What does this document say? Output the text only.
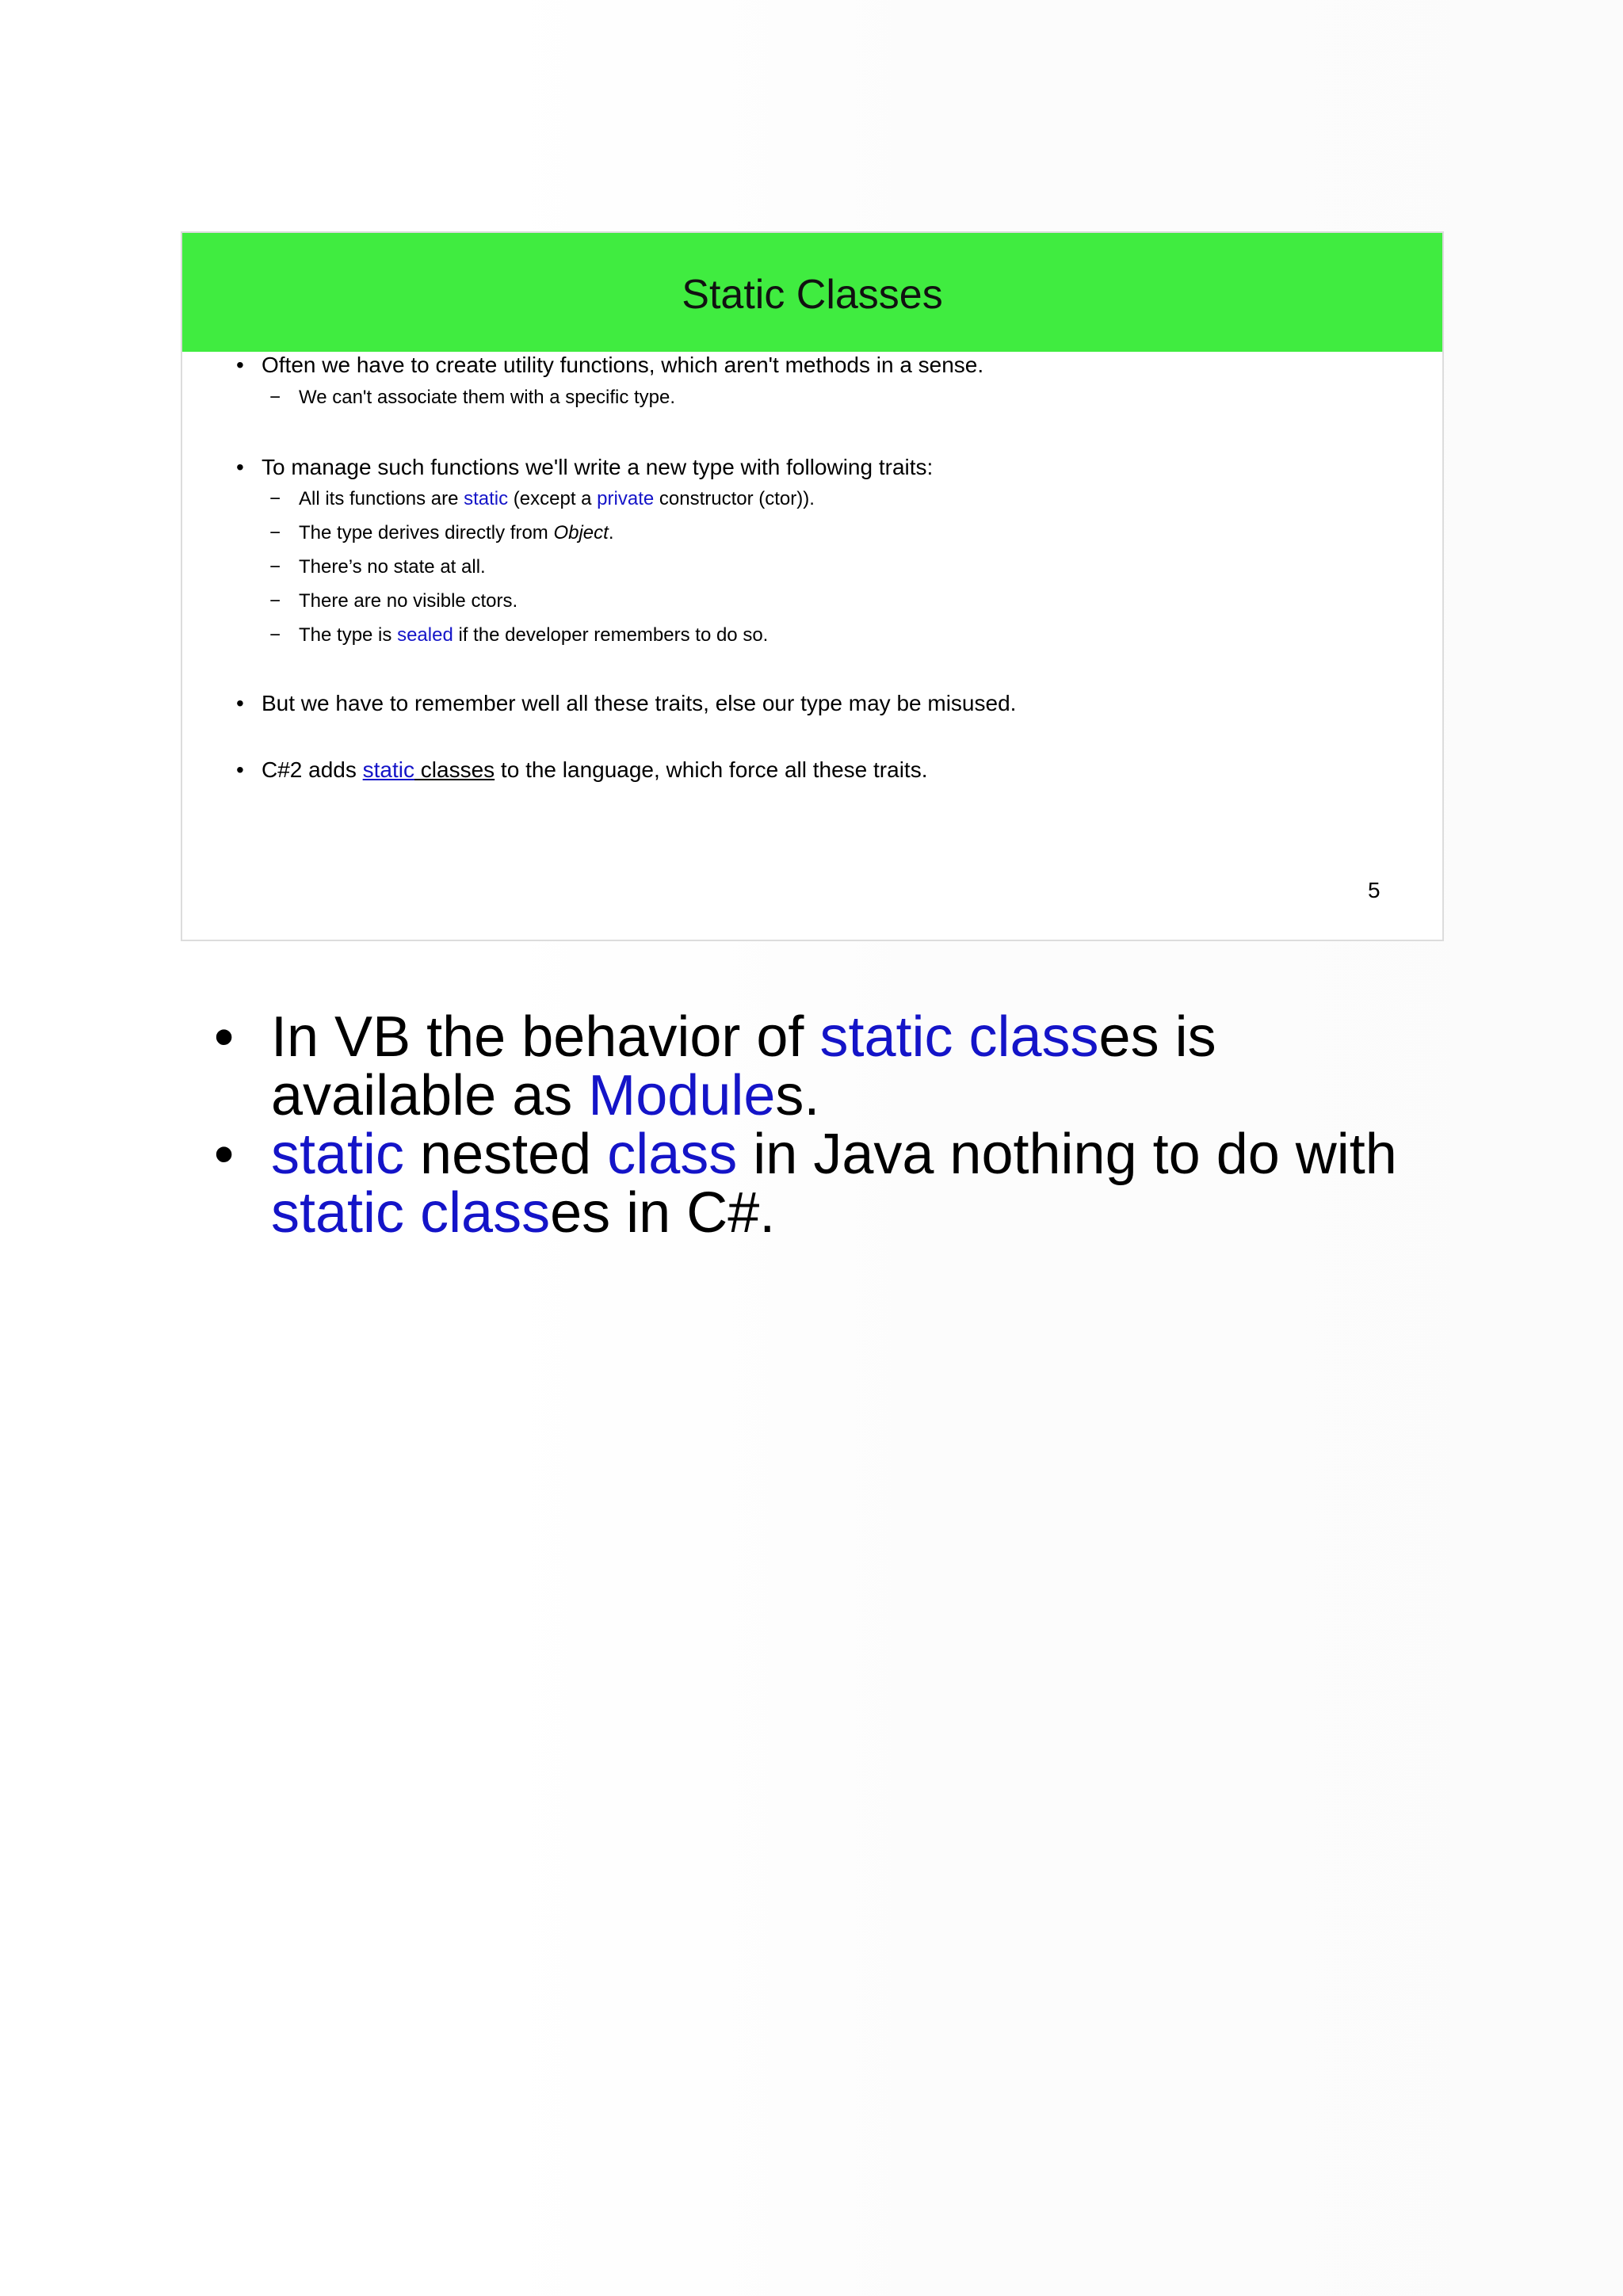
Static Classes
• Often we have to create utility functions, which aren't methods in a sense.
− We can't associate them with a specific type.
• To manage such functions we'll write a new type with following traits:
− All its functions are static (except a private constructor (ctor)).
− The type derives directly from Object.
− There’s no state at all.
− There are no visible ctors.
− The type is sealed if the developer remembers to do so.
• But we have to remember well all these traits, else our type may be misused.
• C#2 adds static classes to the language, which force all these traits.
5
• In VB the behavior of static classes is available as Modules.
• static nested class in Java nothing to do with static classes in C#.
